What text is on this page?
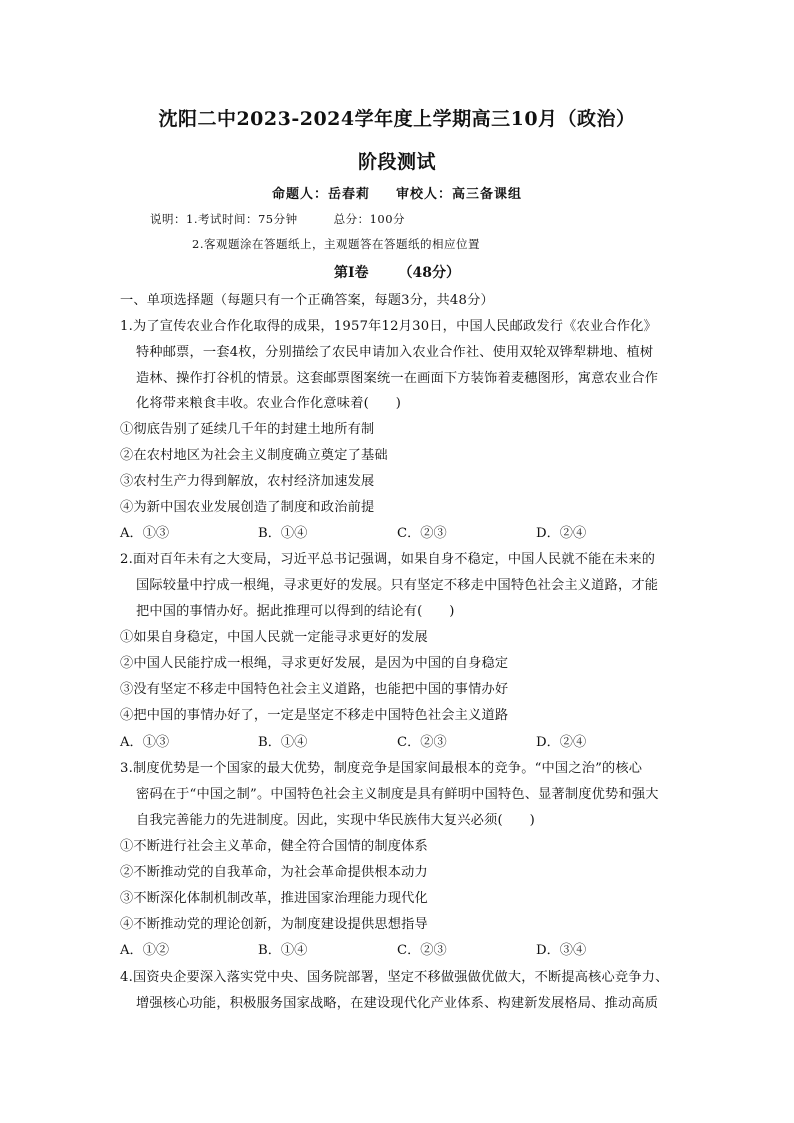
沈阳二中2023-2024学年度上学期高三10月（政治）
阶段测试
命题人：岳春莉 审校人：高三备课组
说明：1.考试时间：75分钟	总分：100分
2.客观题涂在答题纸上，主观题答在答题纸的相应位置
第Ⅰ卷 （48分）
一、单项选择题（每题只有一个正确答案，每题3分，共48分）
1.为了宣传农业合作化取得的成果，1957年12月30日，中国人民邮政发行《农业合作化》
特种邮票，一套4枚，分别描绘了农民申请加入农业合作社、使用双轮双铧犁耕地、植树
造林、操作打谷机的情景。这套邮票图案统一在画面下方装饰着麦穗图形，寓意农业合作
化将带来粮食丰收。农业合作化意味着(　　)
①彻底告别了延续几千年的封建土地所有制
②在农村地区为社会主义制度确立奠定了基础
③农村生产力得到解放，农村经济加速发展
④为新中国农业发展创造了制度和政治前提
A．①③	B．①④	C．②③	D．②④
2.面对百年未有之大变局，习近平总书记强调，如果自身不稳定，中国人民就不能在未来的
国际较量中拧成一根绳，寻求更好的发展。只有坚定不移走中国特色社会主义道路，才能
把中国的事情办好。据此推理可以得到的结论有(　　)
①如果自身稳定，中国人民就一定能寻求更好的发展
②中国人民能拧成一根绳，寻求更好发展，是因为中国的自身稳定
③没有坚定不移走中国特色社会主义道路，也能把中国的事情办好
④把中国的事情办好了，一定是坚定不移走中国特色社会主义道路
A．①③	B．①④	C．②③	D．②④
3.制度优势是一个国家的最大优势，制度竞争是国家间最根本的竞争。“中国之治”的核心
密码在于“中国之制”。中国特色社会主义制度是具有鲜明中国特色、显著制度优势和强大
自我完善能力的先进制度。因此，实现中华民族伟大复兴必须(　　)
①不断进行社会主义革命，健全符合国情的制度体系
②不断推动党的自我革命，为社会革命提供根本动力
③不断深化体制机制改革，推进国家治理能力现代化
④不断推动党的理论创新，为制度建设提供思想指导
A．①②	B．①④	C．②③	D．③④
4.国资央企要深入落实党中央、国务院部署，坚定不移做强做优做大，不断提高核心竞争力、
增强核心功能，积极服务国家战略，在建设现代化产业体系、构建新发展格局、推动高质
